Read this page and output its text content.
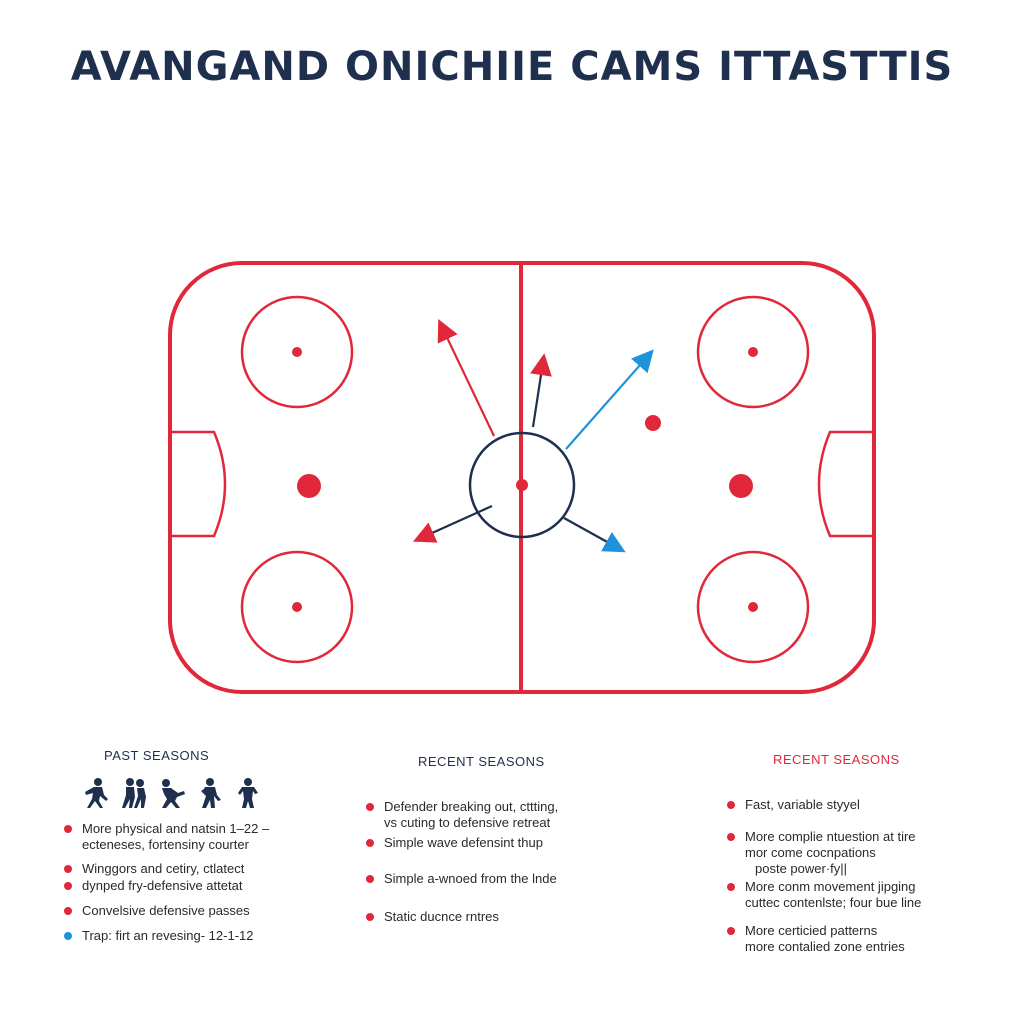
AVANGAND ONICHIIE CAMS ITTASTTIS
PAST SEASONS
More physical and natsin 1–22 –
ecteneses, fortensiny courter
Winggors and cetiry, ctlatect
dynped fry-defensive attetat
Convelsive defensive passes
Trap: firt an revesing- 12-1-12
RECENT SEASONS
Defender breaking out, cttting,
vs cuting to defensive retreat
Simple wave defensint thup
Simple a-wnoed from the lnde
Static ducnce rntres
RECENT SEASONS
Fast, variable styyel
More complie ntuestion at tire
mor come cocnpations
poste power·fy||
More conm movement jipging
cuttec contenlste; four bue line
More certicied patterns
more contalied zone entries
